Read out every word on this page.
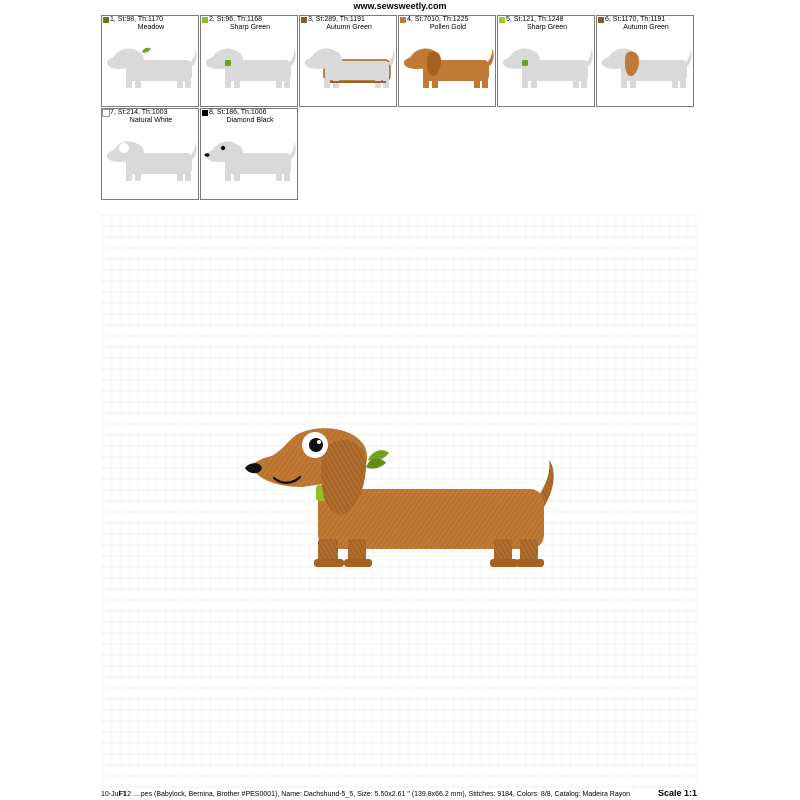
www.sewsweetly.com
1, St:98, Th:1170
Meadow
2, St:96, Th:1168
Sharp Green
3, St:289, Th:1191
Autumn Green
4, St:7010, Th:1225
Pollen Gold
5, St:121, Th:1248
Sharp Green
6, St:1170, Th:1191
Autumn Green
7, St:214, Th:1003
Natural White
8, St:186, Th:1006
Diamond Black
10-Jul-1
F12 ....pes (Babylock, Bernina, Brother #PES0001), Name: Dachshund-5_5, Size: 5.50x2.61 " (139.8x66.2 mm), Stitches: 9184, Colors: 8/8, Catalog: Madeira Rayon	Scale 1:1
